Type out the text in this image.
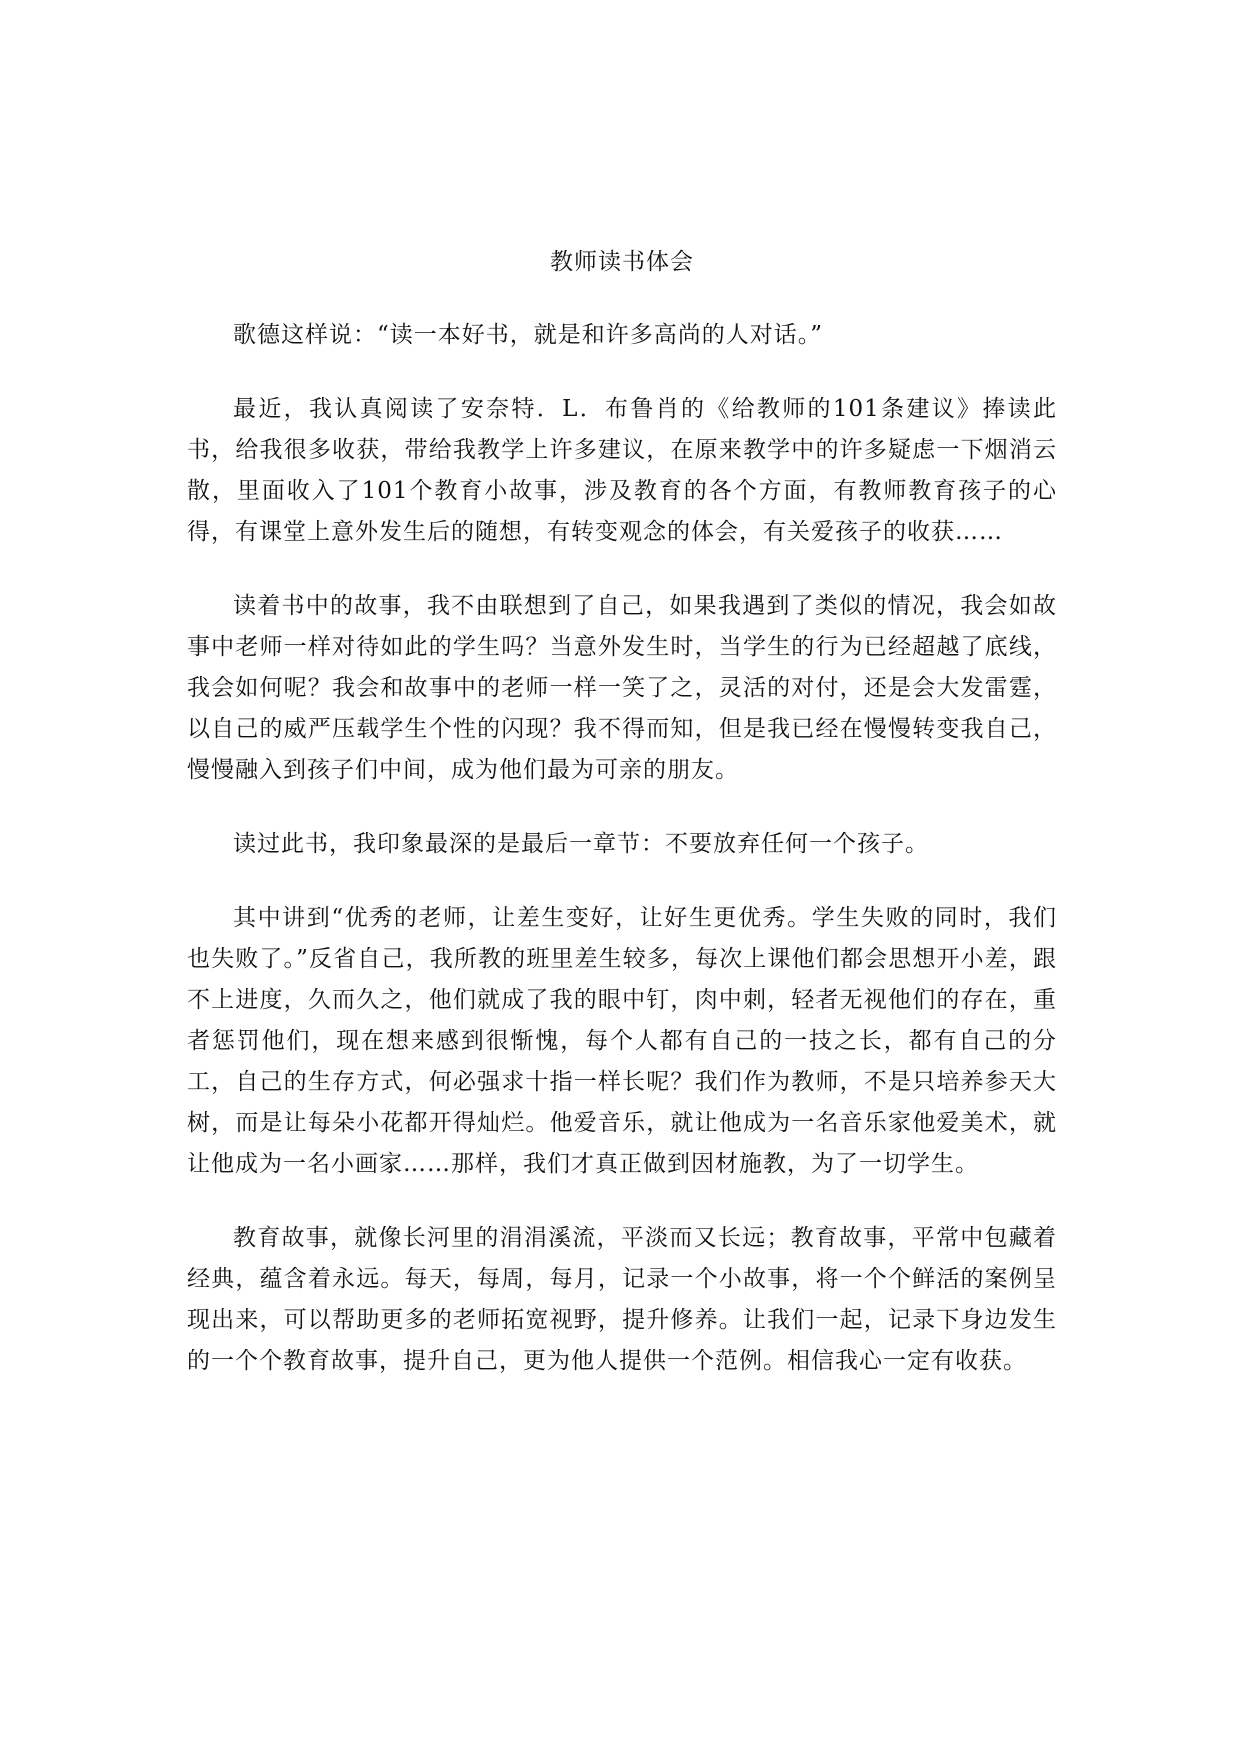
教师读书体会

歌德这样说：“读一本好书，就是和许多高尚的人对话。”

最近，我认真阅读了安奈特．L．布鲁肖的《给教师的101条建议》捧读此书，给我很多收获，带给我教学上许多建议，在原来教学中的许多疑虑一下烟消云散，里面收入了101个教育小故事，涉及教育的各个方面，有教师教育孩子的心得，有课堂上意外发生后的随想，有转变观念的体会，有关爱孩子的收获……

读着书中的故事，我不由联想到了自己，如果我遇到了类似的情况，我会如故事中老师一样对待如此的学生吗？当意外发生时，当学生的行为已经超越了底线，我会如何呢？我会和故事中的老师一样一笑了之，灵活的对付，还是会大发雷霆，以自己的威严压载学生个性的闪现？我不得而知，但是我已经在慢慢转变我自己，慢慢融入到孩子们中间，成为他们最为可亲的朋友。

读过此书，我印象最深的是最后一章节：不要放弃任何一个孩子。

其中讲到“优秀的老师，让差生变好，让好生更优秀。学生失败的同时，我们也失败了。”反省自己，我所教的班里差生较多，每次上课他们都会思想开小差，跟不上进度，久而久之，他们就成了我的眼中钉，肉中刺，轻者无视他们的存在，重者惩罚他们，现在想来感到很惭愧，每个人都有自己的一技之长，都有自己的分工，自己的生存方式，何必强求十指一样长呢？我们作为教师，不是只培养参天大树，而是让每朵小花都开得灿烂。他爱音乐，就让他成为一名音乐家他爱美术，就让他成为一名小画家……那样，我们才真正做到因材施教，为了一切学生。

教育故事，就像长河里的涓涓溪流，平淡而又长远；教育故事，平常中包藏着经典，蕴含着永远。每天，每周，每月，记录一个小故事，将一个个鲜活的案例呈现出来，可以帮助更多的老师拓宽视野，提升修养。让我们一起，记录下身边发生的一个个教育故事，提升自己，更为他人提供一个范例。相信我心一定有收获。
